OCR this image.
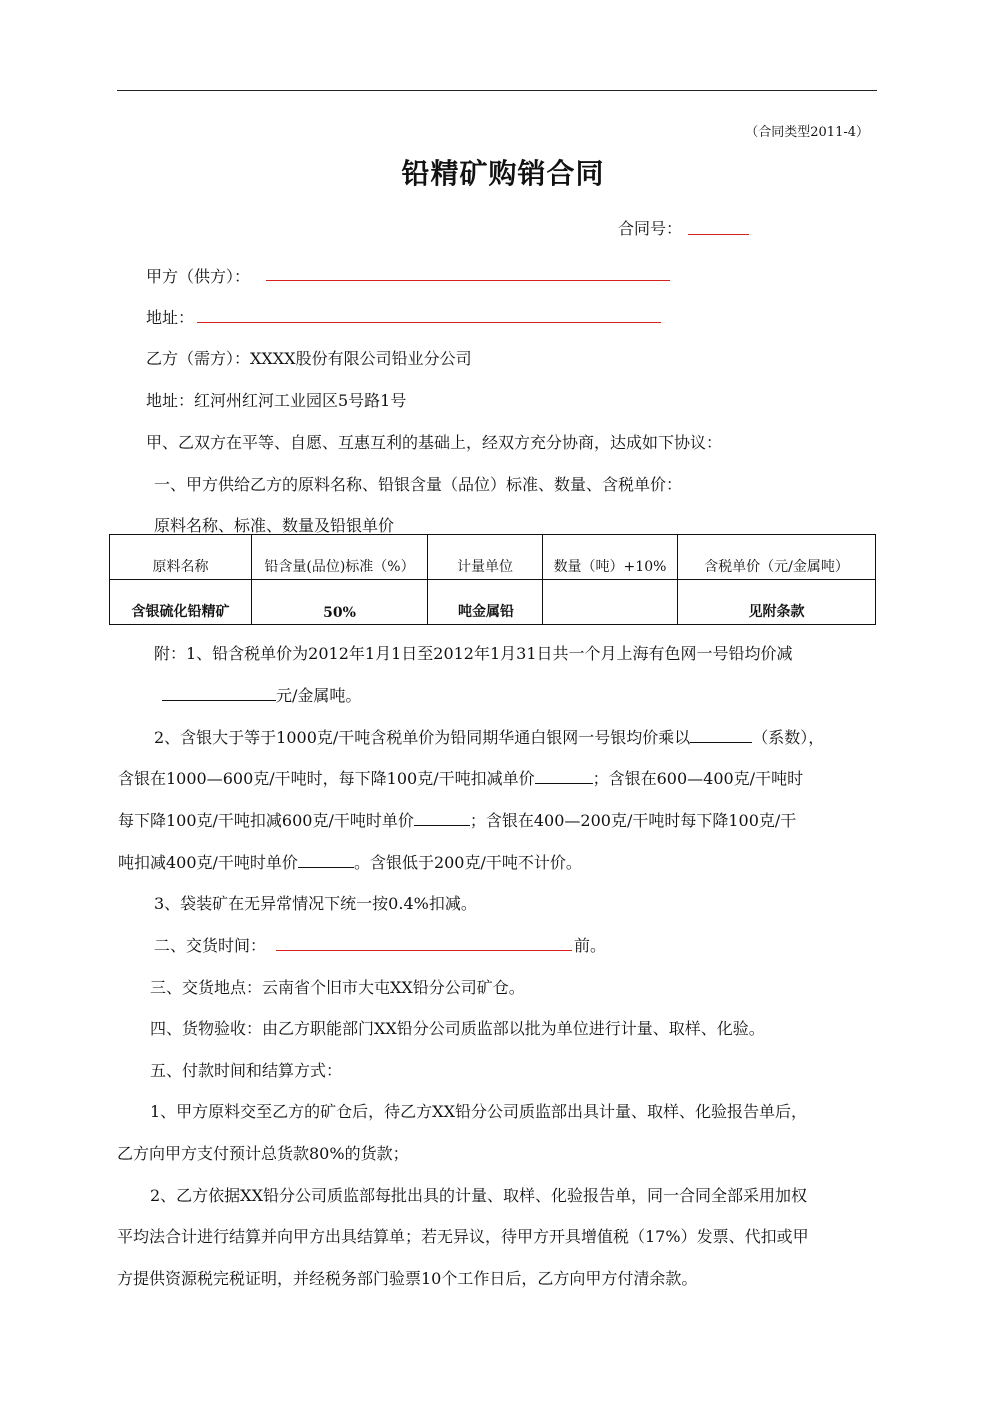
（合同类型2011-4）
铅精矿购销合同
合同号：
甲方（供方）：
地址：
乙方（需方）：XXXX股份有限公司铅业分公司
地址：红河州红河工业园区5号路1号
甲、乙双方在平等、自愿、互惠互利的基础上，经双方充分协商，达成如下协议：
一、甲方供给乙方的原料名称、铅银含量（品位）标准、数量、含税单价：
原料名称、标准、数量及铅银单价
原料名称	铅含量(品位)标准（%）	计量单位	数量（吨）+10%	含税单价（元/金属吨）
含银硫化铅精矿	50%	吨金属铅		见附条款
附：1、铅含税单价为2012年1月1日至2012年1月31日共一个月上海有色网一号铅均价减
元/金属吨。
2、含银大于等于1000克/干吨含税单价为铅同期华通白银网一号银均价乘以	（系数），
含银在1000—600克/干吨时，每下降100克/干吨扣减单价	；含银在600—400克/干吨时
每下降100克/干吨扣减600克/干吨时单价	；含银在400—200克/干吨时每下降100克/干
吨扣减400克/干吨时单价	。含银低于200克/干吨不计价。
3、袋装矿在无异常情况下统一按0.4%扣减。
二、交货时间：	前。
三、交货地点：云南省个旧市大屯XX铅分公司矿仓。
四、货物验收：由乙方职能部门XX铅分公司质监部以批为单位进行计量、取样、化验。
五、付款时间和结算方式：
1、甲方原料交至乙方的矿仓后，待乙方XX铅分公司质监部出具计量、取样、化验报告单后，
乙方向甲方支付预计总货款80%的货款；
2、乙方依据XX铅分公司质监部每批出具的计量、取样、化验报告单，同一合同全部采用加权
平均法合计进行结算并向甲方出具结算单；若无异议，待甲方开具增值税（17%）发票、代扣或甲
方提供资源税完税证明，并经税务部门验票10个工作日后，乙方向甲方付清余款。
